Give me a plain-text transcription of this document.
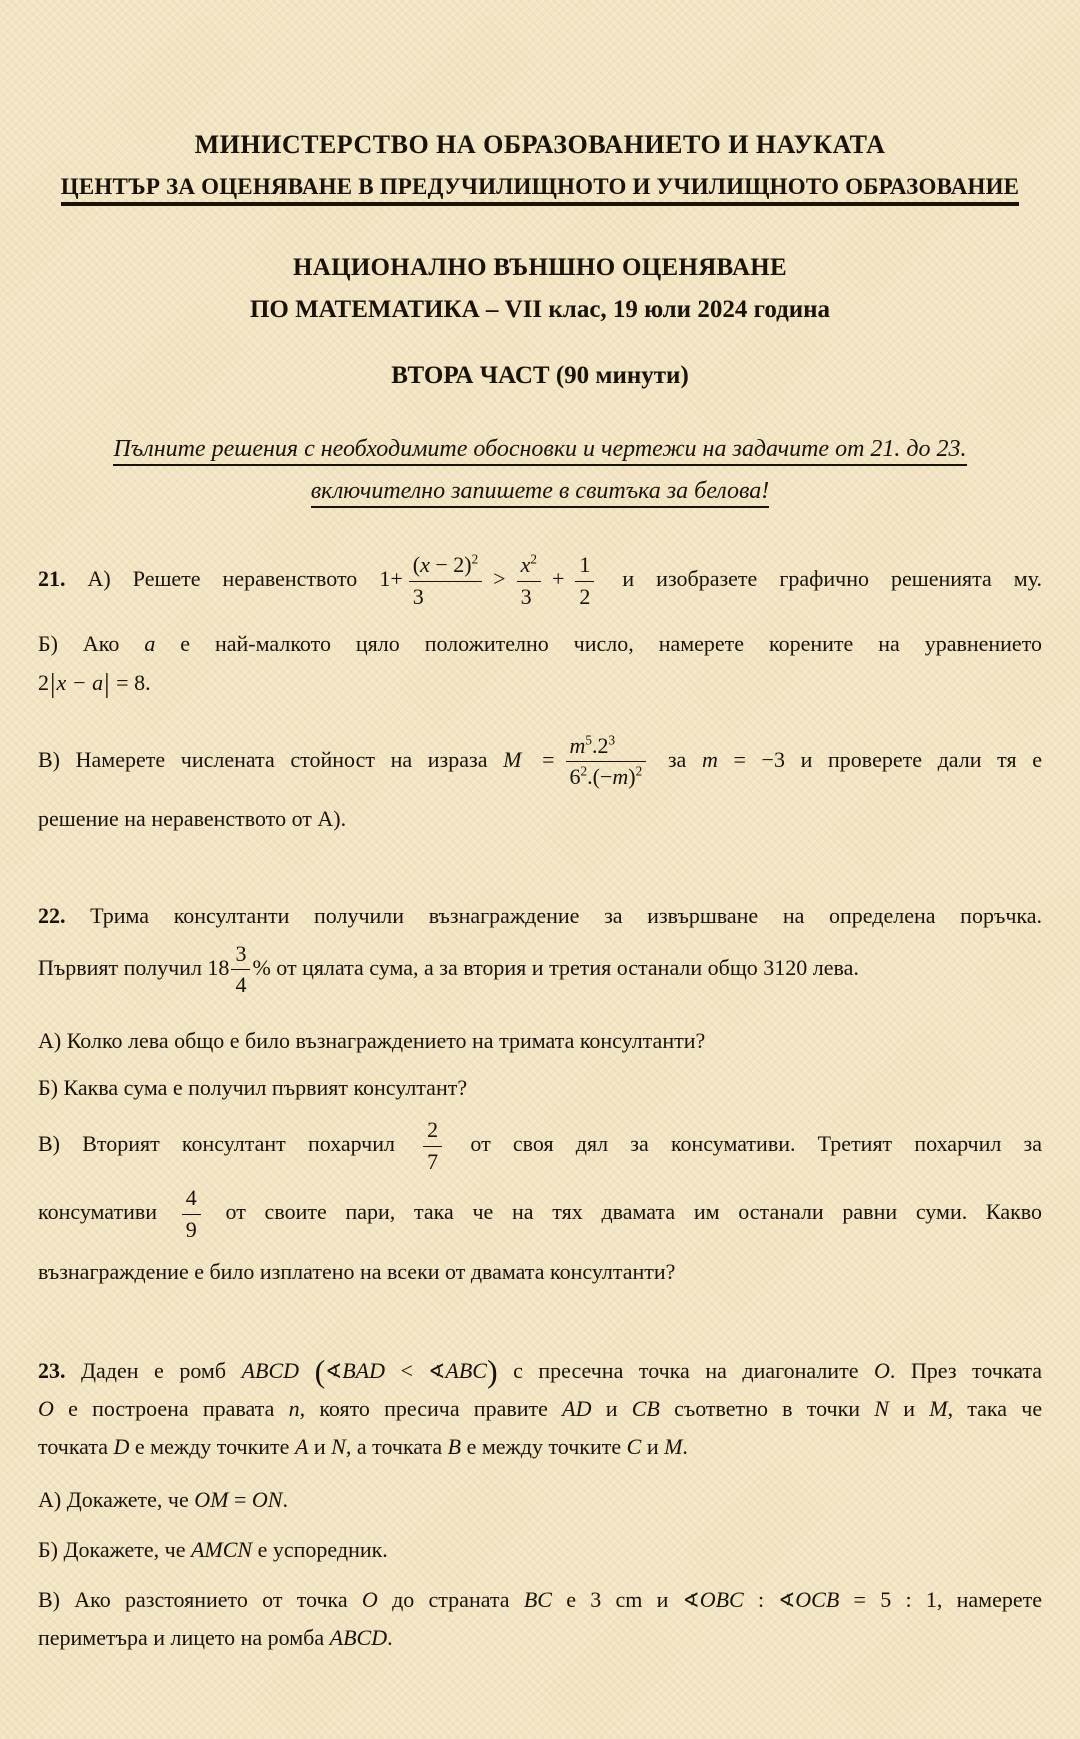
МИНИСТЕРСТВО НА ОБРАЗОВАНИЕТО И НАУКАТА
ЦЕНТЪР ЗА ОЦЕНЯВАНЕ В ПРЕДУЧИЛИЩНОТО И УЧИЛИЩНОТО ОБРАЗОВАНИЕ
НАЦИОНАЛНО ВЪНШНО ОЦЕНЯВАНЕ
ПО МАТЕМАТИКА – VII клас, 19 юли 2024 година
ВТОРА ЧАСТ (90 минути)
Пълните решения с необходимите обосновки и чертежи на задачите от 21. до 23.
включително запишете в свитъка за белова!
21. А) Решете неравенството $1+ \frac{(x - 2)^2}{3} > \frac{x^2}{3} + \frac{1}{2}$ и изобразете графично решенията му.
Б) Ако a е най-малкото цяло положително число, намерете корените на уравнението
2|x − a| = 8.
В) Намерете числената стойност на израза $M = \frac{m^5.2^3}{6^2.(-m)^2}$ за m = −3 и проверете дали тя е
решение на неравенството от А).
22. Трима консултанти получили възнаграждение за извършване на определена поръчка.
Първият получил $18 \frac{3}{4}$ % от цялата сума, а за втория и третия останали общо 3120 лева.
А) Колко лева общо е било възнаграждението на тримата консултанти?
Б) Каква сума е получил първият консултант?
В) Вторият консултант похарчил $\frac{2}{7}$ от своя дял за консумативи. Третият похарчил за
консумативи $\frac{4}{9}$ от своите пари, така че на тях двамата им останали равни суми. Какво
възнаграждение е било изплатено на всеки от двамата консултанти?
23. Даден е ромб ABCD (∢BAD < ∢ABC) с пресечна точка на диагоналите O. През точката
O е построена правата n, която пресича правите AD и CB съответно в точки N и M, така че
точката D е между точките A и N, а точката B е между точките C и M.
А) Докажете, че OM = ON.
Б) Докажете, че AMCN е успоредник.
В) Ако разстоянието от точка O до страната BC е 3 cm и ∢OBC : ∢OCB = 5 : 1, намерете
периметъра и лицето на ромба ABCD.
